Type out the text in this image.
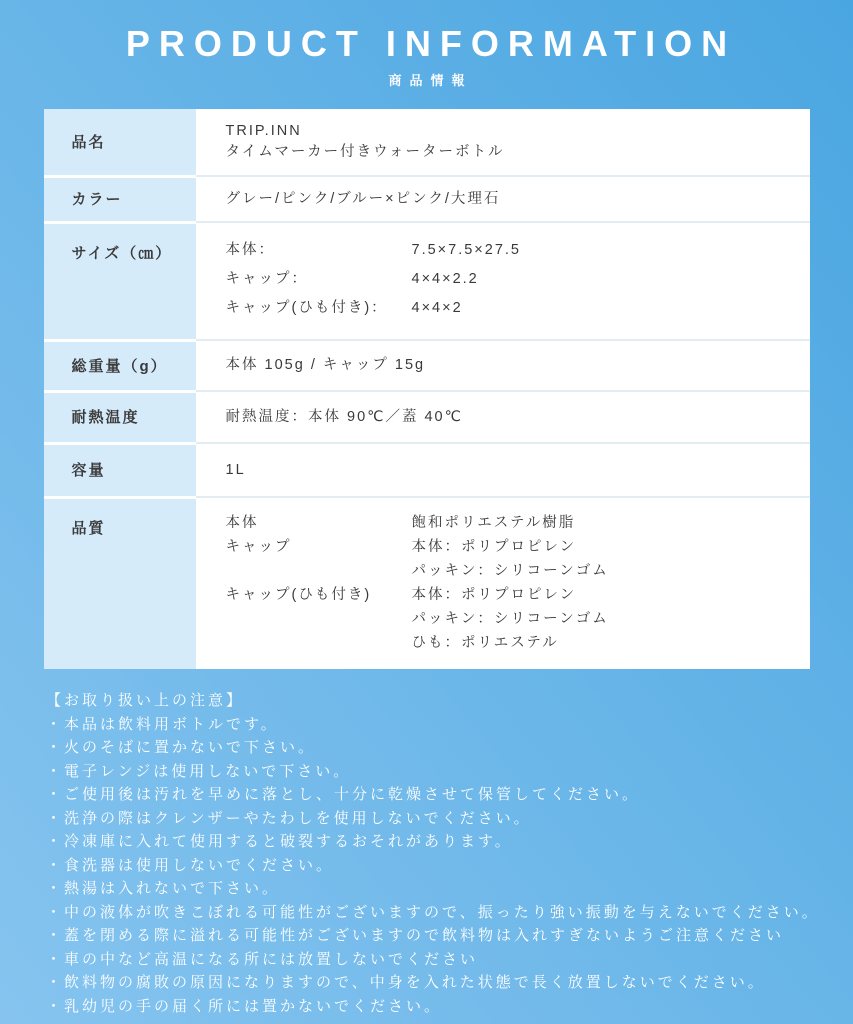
PRODUCT INFORMATION
商品情報
品名
TRIP.INN
タイムマーカー付きウォーターボトル
カラー	グレー/ピンク/ブルー×ピンク/大理石
サイズ（㎝）	本体：	7.5×7.5×27.5
キャップ：	4×4×2.2
キャップ(ひも付き)：	4×4×2
総重量（g）	本体 105g / キャップ 15g
耐熱温度	耐熱温度：本体 90℃／蓋 40℃
容量	1L
品質	本体	飽和ポリエステル樹脂
キャップ	本体：ポリプロピレン
パッキン：シリコーンゴム
キャップ(ひも付き)	本体：ポリプロピレン
パッキン：シリコーンゴム
ひも：ポリエステル
【お取り扱い上の注意】
・本品は飲料用ボトルです。
・火のそばに置かないで下さい。
・電子レンジは使用しないで下さい。
・ご使用後は汚れを早めに落とし、十分に乾燥させて保管してください。
・洗浄の際はクレンザーやたわしを使用しないでください。
・冷凍庫に入れて使用すると破裂するおそれがあります。
・食洗器は使用しないでください。
・熱湯は入れないで下さい。
・中の液体が吹きこぼれる可能性がございますので、振ったり強い振動を与えないでください。
・蓋を閉める際に溢れる可能性がございますので飲料物は入れすぎないようご注意ください
・車の中など高温になる所には放置しないでください
・飲料物の腐敗の原因になりますので、中身を入れた状態で長く放置しないでください。
・乳幼児の手の届く所には置かないでください。
